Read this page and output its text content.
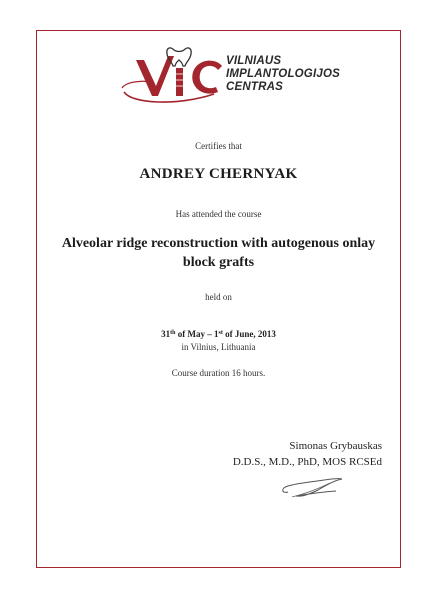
VILNIAUS
IMPLANTOLOGIJOS
CENTRAS
Certifies that
ANDREY CHERNYAK
Has attended the course
Alveolar ridge reconstruction with autogenous onlay
block grafts
held on
31th of May – 1st of June, 2013
in Vilnius, Lithuania
Course duration 16 hours.
Simonas Grybauskas
D.D.S., M.D., PhD, MOS RCSEd
